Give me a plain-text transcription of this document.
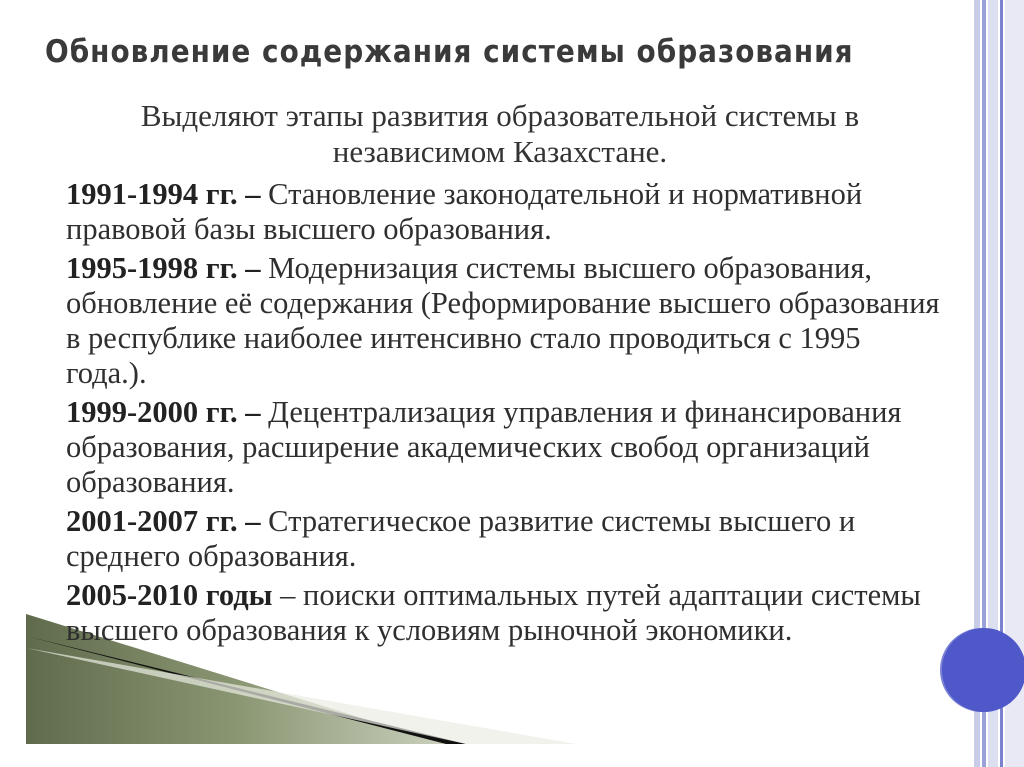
Обновление содержания системы образования
Выделяют этапы развития образовательной системы в независимом Казахстане.

1991-1994 гг. – Становление законодательной и нормативной правовой базы высшего образования.

1995-1998 гг. – Модернизация системы высшего образования, обновление её содержания (Реформирование высшего образования в республике наиболее интенсивно стало проводиться с 1995 года.).

1999-2000 гг. – Децентрализация управления и финансирования образования, расширение академических свобод организаций образования.

2001-2007 гг. – Стратегическое развитие системы высшего и среднего образования.

2005-2010 годы – поиски оптимальных путей адаптации системы высшего образования к условиям рыночной экономики.
